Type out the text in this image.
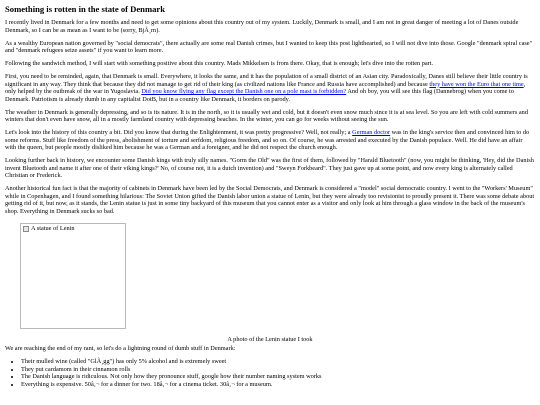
Something is rotten in the state of Denmark

I recently lived in Denmark for a few months and need to get some opinions about this country out of my system. Luckily, Denmark is small, and I am not in great danger of meeting a lot of Danes outside Denmark, so I can be as mean as I want to be (sorry, BjÃ¸rn).

As a wealthy European nation governed by "social democrats", there actually are some real Danish crimes, but I wanted to keep this post lighthearted, so I will not dive into those. Google "denmark spiral case" and "denmark refugees seize assets" if you want to learn more.

Following the sandwich method, I will start with something positive about this country. Mads Mikkelsen is from there. Okay, that is enough; let's dive into the rotten part.

First, you need to be reminded, again, that Denmark is small. Everywhere, it looks the same, and it has the population of a small district of an Asian city. Paradoxically, Danes still believe their little country is significant in any way. They think that because they did not manage to get rid of their king (as civilized nations like France and Russia have accomplished) and because they have won the Euro that one time, only helped by the outbreak of the war in Yugoslavia. Did you know flying any flag except the Danish one on a pole mast is forbidden? And oh boy, you will see this flag (Dannebrog) when you come to Denmark. Patriotism is already dumb in any capitalist DotB, but in a country like Denmark, it borders on parody.

The weather in Denmark is generally depressing, and so is its nature. It is in the north, so it is usually wet and cold, but it doesn't even snow much since it is at sea level. So you are left with cold summers and winters that don't even have snow, all in a mostly farmland country with depressing beaches. In the winter, you can go for weeks without seeing the sun.

Let's look into the history of this country a bit. Did you know that during the Enlightenment, it was pretty progressive? Well, not really; a German doctor was in the king's service then and convinced him to do some reforms. Stuff like freedom of the press, abolishment of torture and serfdom, religious freedom, and so on. Of course, he was arrested and executed by the Danish populace. Well. He did have an affair with the queen, but people mostly disliked him because he was a German and a foreigner, and he did not respect the church enough.

Looking further back in history, we encounter some Danish kings with truly silly names. "Gorm the Old" was the first of them, followed by "Harald Bluetooth" (now, you might be thinking, 'Hey, did the Danish invent Bluetooth and name it after one of their viking kings?' No, of course not, it is a dutch invention) and "Sweyn Forkbeard". They just gave up at some point, and now every king is alternately called Christian or Frederick.

Another historical fun fact is that the majority of cabinets in Denmark have been led by the Social Democrats, and Denmark is considered a "model" social democratic country. I went to the "Workers' Museum" while in Copenhagen, and I found something hilarious: The Soviet Union gifted the Danish labor union a statue of Lenin, but they were already too revisionist to proudly present it. There was some debate about getting rid of it, but now, as it stands, the Lenin statue is just in some tiny backyard of this museum that you cannot enter as a visitor and only look at him through a glass window in the back of the museum's shop. Everything in Denmark sucks so bad.

A statue of Lenin
A photo of the Lenin statue I took

We are reaching the end of my rant, so let's do a lightning round of dumb stuff in Denmark:

• Their mulled wine (called "GlÃ¸gg") has only 5% alcohol and is extremely sweet
• They put cardamom in their cinnamon rolls
• The Danish language is ridiculous. Not only how they pronounce stuff, google how their number naming system works
• Everything is expensive. 50â‚¬ for a dinner for two. 18â‚¬ for a cinema ticket. 30â‚¬ for a museum.
